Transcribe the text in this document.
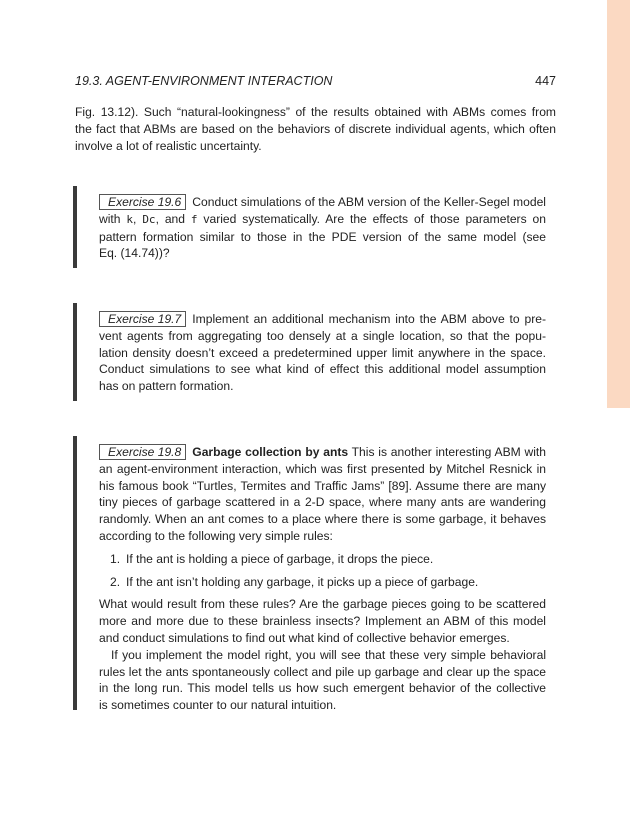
19.3. AGENT-ENVIRONMENT INTERACTION	447
Fig. 13.12). Such “natural-lookingness” of the results obtained with ABMs comes from
the fact that ABMs are based on the behaviors of discrete individual agents, which often
involve a lot of realistic uncertainty.
Exercise 19.6 Conduct simulations of the ABM version of the Keller-Segel model
with k, Dc, and f varied systematically. Are the effects of those parameters on
pattern formation similar to those in the PDE version of the same model (see
Eq. (14.74))?
Exercise 19.7 Implement an additional mechanism into the ABM above to pre-
vent agents from aggregating too densely at a single location, so that the popu-
lation density doesn’t exceed a predetermined upper limit anywhere in the space.
Conduct simulations to see what kind of effect this additional model assumption
has on pattern formation.
Exercise 19.8 Garbage collection by ants This is another interesting ABM with
an agent-environment interaction, which was first presented by Mitchel Resnick in
his famous book “Turtles, Termites and Traffic Jams” [89]. Assume there are many
tiny pieces of garbage scattered in a 2-D space, where many ants are wandering
randomly. When an ant comes to a place where there is some garbage, it behaves
according to the following very simple rules:
1. If the ant is holding a piece of garbage, it drops the piece.
2. If the ant isn’t holding any garbage, it picks up a piece of garbage.
What would result from these rules? Are the garbage pieces going to be scattered
more and more due to these brainless insects? Implement an ABM of this model
and conduct simulations to find out what kind of collective behavior emerges.
If you implement the model right, you will see that these very simple behavioral
rules let the ants spontaneously collect and pile up garbage and clear up the space
in the long run. This model tells us how such emergent behavior of the collective
is sometimes counter to our natural intuition.
